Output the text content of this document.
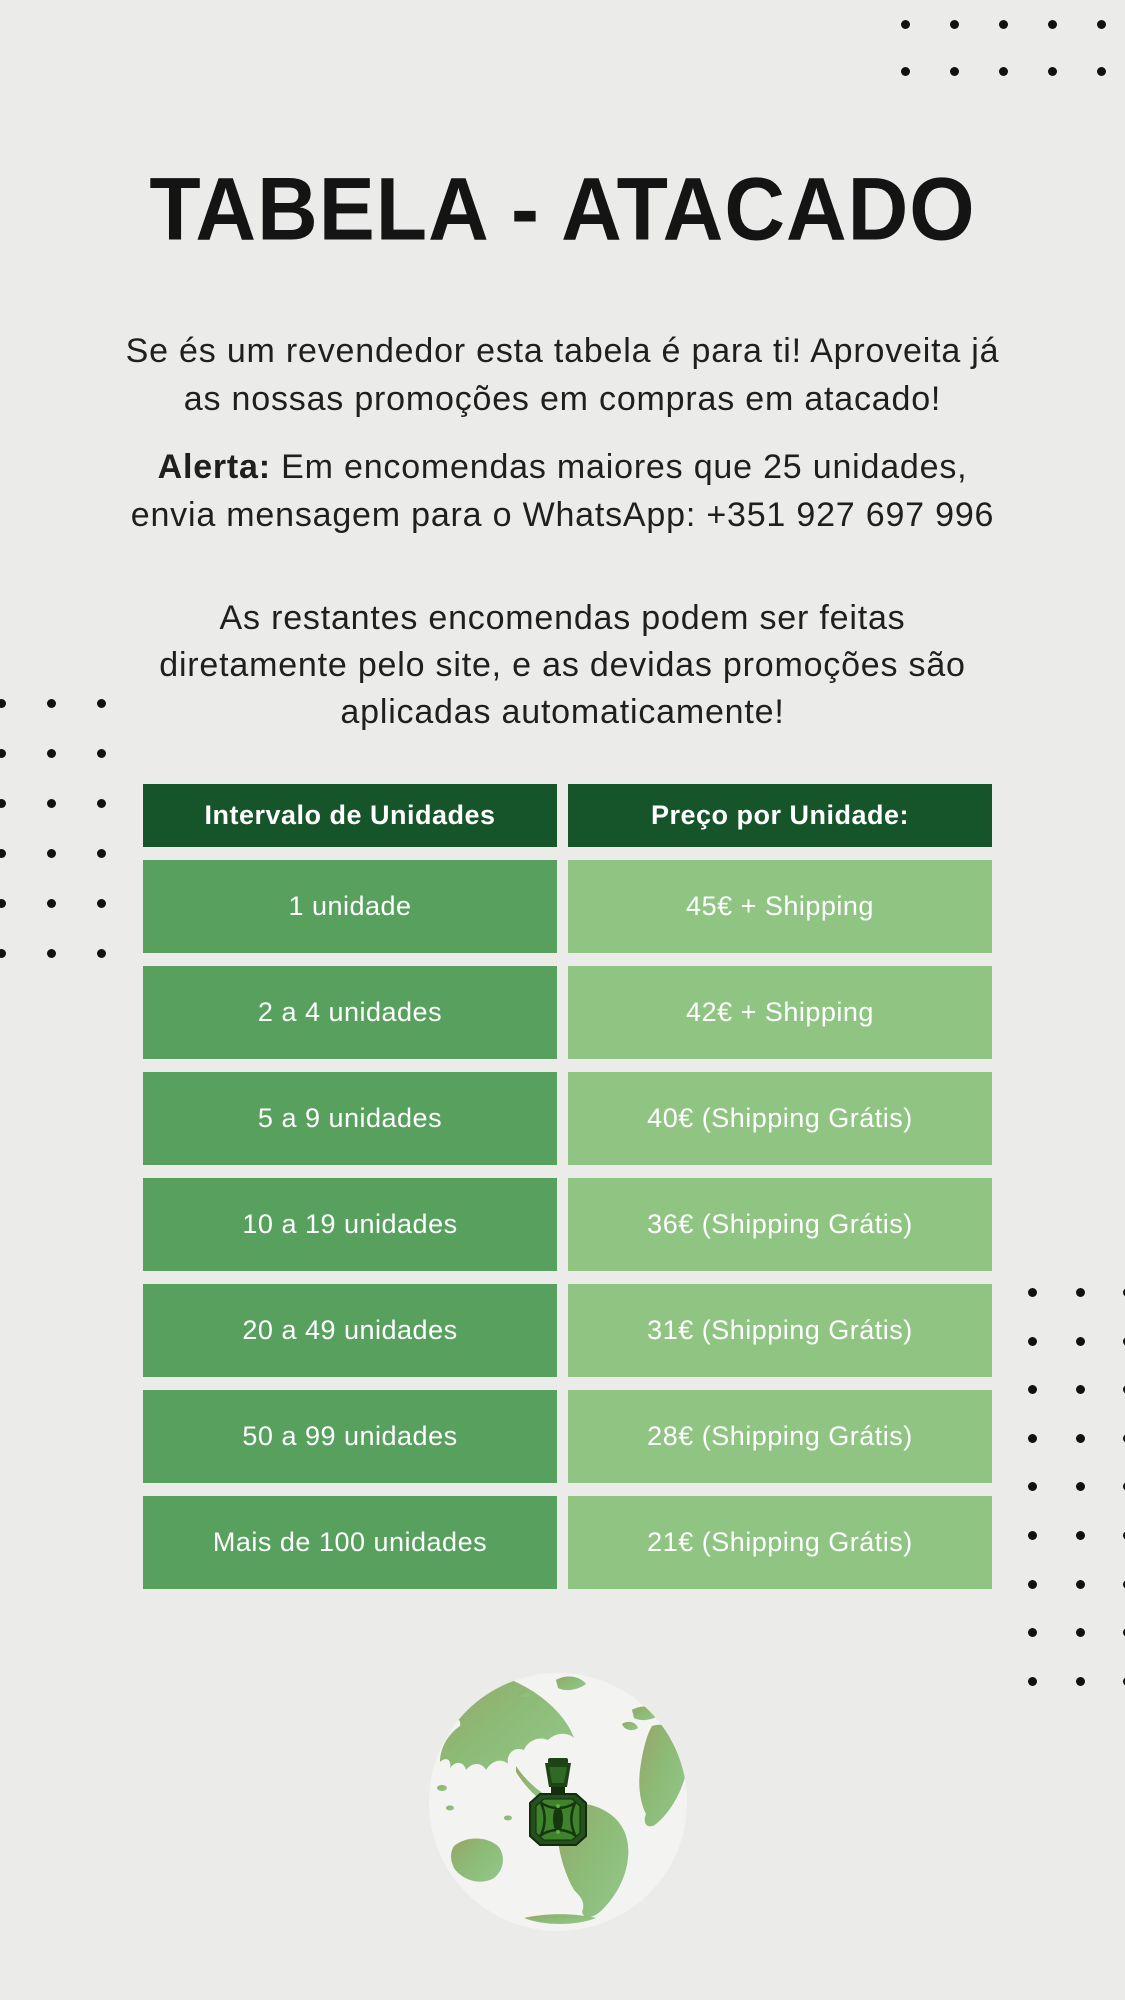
TABELA - ATACADO

Se és um revendedor esta tabela é para ti! Aproveita já
as nossas promoções em compras em atacado!

Alerta: Em encomendas maiores que 25 unidades,
envia mensagem para o WhatsApp: +351 927 697 996

As restantes encomendas podem ser feitas
diretamente pelo site, e as devidas promoções são
aplicadas automaticamente!

Intervalo de Unidades	Preço por Unidade:
1 unidade	45€ + Shipping
2 a 4 unidades	42€ + Shipping
5 a 9 unidades	40€ (Shipping Grátis)
10 a 19 unidades	36€ (Shipping Grátis)
20 a 49 unidades	31€ (Shipping Grátis)
50 a 99 unidades	28€ (Shipping Grátis)
Mais de 100 unidades	21€ (Shipping Grátis)
